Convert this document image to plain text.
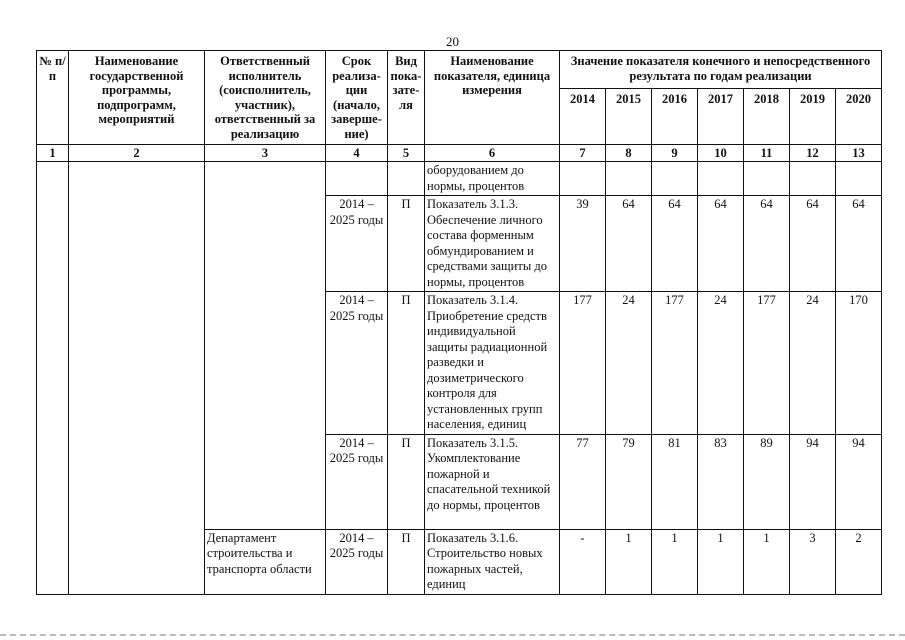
20
№ п/п	Наименование государственной программы, подпрограмм, мероприятий	Ответственный исполнитель (соисполнитель, участник), ответственный за реализацию	Срок реализа-ции (начало, заверше-ние)	Вид пока-зате-ля	Наименование показателя, единица измерения	Значение показателя конечного и непосредственного результата по годам реализации						
						2014	2015	2016	2017	2018	2019	2020
1	2	3	4	5	6	7	8	9	10	11	12	13
					оборудованием до нормы, процентов							
			2014 – 2025 годы	П	Показатель 3.1.3. Обеспечение личного состава форменным обмундированием и средствами защиты до нормы, процентов	39	64	64	64	64	64	64
			2014 – 2025 годы	П	Показатель 3.1.4. Приобретение средств индивидуальной защиты радиационной разведки и дозиметрического контроля для установленных групп населения, единиц	177	24	177	24	177	24	170
			2014 – 2025 годы	П	Показатель 3.1.5. Укомплектование пожарной и спасательной техникой до нормы, процентов	77	79	81	83	89	94	94
		Департамент строительства и транспорта области	2014 – 2025 годы	П	Показатель 3.1.6. Строительство новых пожарных частей, единиц	-	1	1	1	1	3	2
